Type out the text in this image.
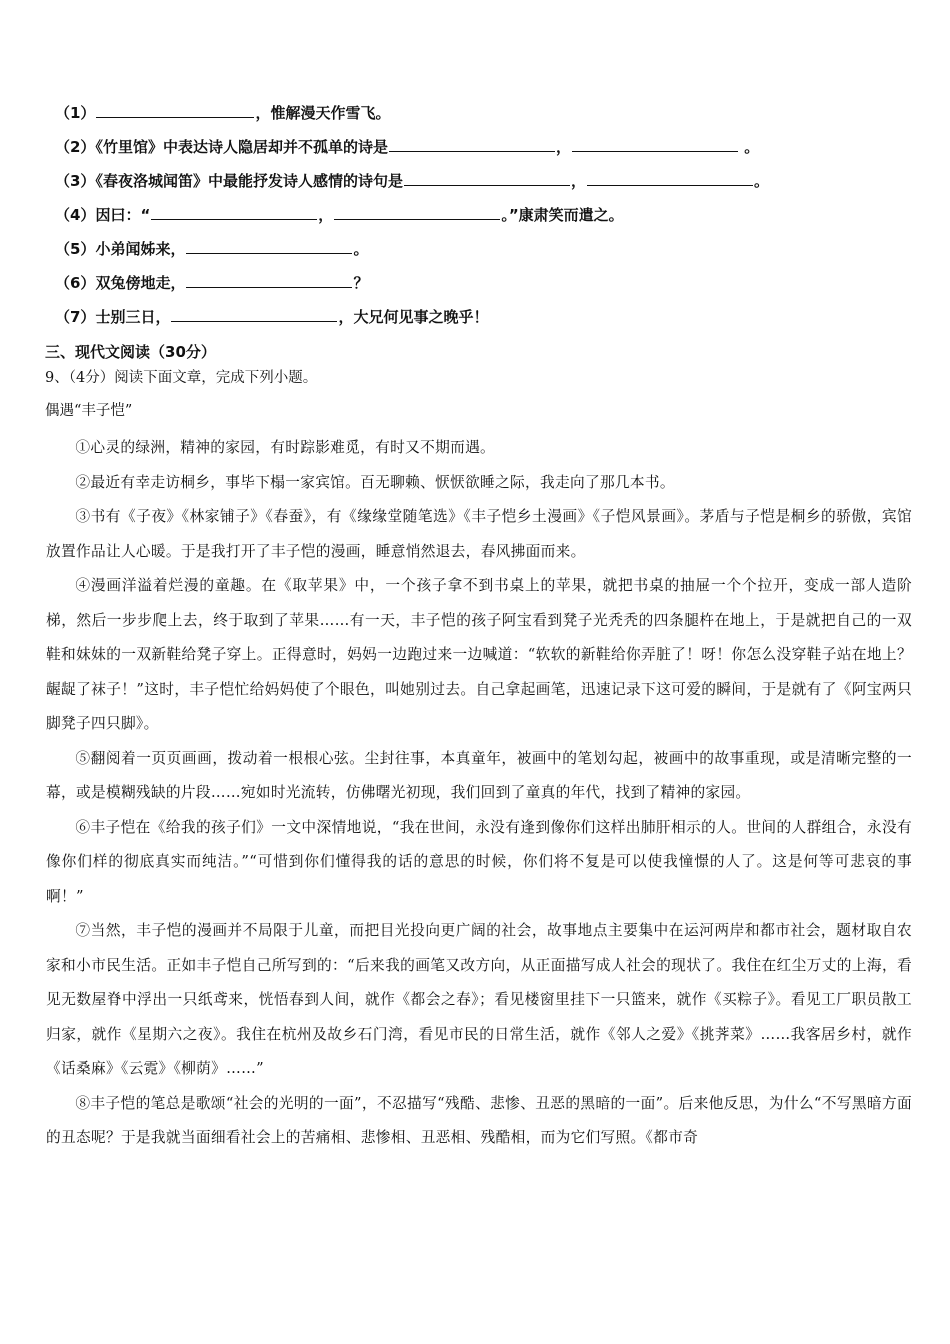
（1）	，惟解漫天作雪飞。
（2）《竹里馆》中表达诗人隐居却并不孤单的诗是	，	。
（3）《春夜洛城闻笛》中最能抒发诗人感情的诗句是	，	。
（4）因曰：“	，	。”康肃笑而遣之。
（5）小弟闻姊来，	。
（6）双兔傍地走，	？
（7）士别三日，	，大兄何见事之晚乎！
三、现代文阅读（30分）
9、（4分）阅读下面文章，完成下列小题。
偶遇“丰子恺”

①心灵的绿洲，精神的家园，有时踪影难觅，有时又不期而遇。

②最近有幸走访桐乡，事毕下榻一家宾馆。百无聊赖、恹恹欲睡之际，我走向了那几本书。

③书有《子夜》《林家铺子》《春蚕》，有《缘缘堂随笔选》《丰子恺乡土漫画》《子恺风景画》。茅盾与子恺是桐乡的骄傲，宾馆放置作品让人心暖。于是我打开了丰子恺的漫画，睡意悄然退去，春风拂面而来。

④漫画洋溢着烂漫的童趣。在《取苹果》中，一个孩子拿不到书桌上的苹果，就把书桌的抽屉一个个拉开，变成一部人造阶梯，然后一步步爬上去，终于取到了苹果……有一天，丰子恺的孩子阿宝看到凳子光秃秃的四条腿杵在地上，于是就把自己的一双鞋和妹妹的一双新鞋给凳子穿上。正得意时，妈妈一边跑过来一边喊道：“软软的新鞋给你弄脏了！呀！你怎么没穿鞋子站在地上？龌龊了袜子！”这时，丰子恺忙给妈妈使了个眼色，叫她别过去。自己拿起画笔，迅速记录下这可爱的瞬间，于是就有了《阿宝两只脚凳子四只脚》。

⑤翻阅着一页页画画，拨动着一根根心弦。尘封往事，本真童年，被画中的笔划勾起，被画中的故事重现，或是清晰完整的一幕，或是模糊残缺的片段……宛如时光流转，仿佛曙光初现，我们回到了童真的年代，找到了精神的家园。

⑥丰子恺在《给我的孩子们》一文中深情地说，“我在世间，永没有逢到像你们这样出肺肝相示的人。世间的人群组合，永没有像你们样的彻底真实而纯洁。”“可惜到你们懂得我的话的意思的时候，你们将不复是可以使我憧憬的人了。这是何等可悲哀的事啊！”

⑦当然，丰子恺的漫画并不局限于儿童，而把目光投向更广阔的社会，故事地点主要集中在运河两岸和都市社会，题材取自农家和小市民生活。正如丰子恺自己所写到的：“后来我的画笔又改方向，从正面描写成人社会的现状了。我住在红尘万丈的上海，看见无数屋脊中浮出一只纸鸢来，恍悟春到人间，就作《都会之春》；看见楼窗里挂下一只篮来，就作《买粽子》。看见工厂职员散工归家，就作《星期六之夜》。我住在杭州及故乡石门湾，看见市民的日常生活，就作《邻人之爱》《挑荠菜》……我客居乡村，就作《话桑麻》《云霓》《柳荫》……”

⑧丰子恺的笔总是歌颂“社会的光明的一面”，不忍描写“残酷、悲惨、丑恶的黑暗的一面”。后来他反思，为什么“不写黑暗方面的丑态呢？于是我就当面细看社会上的苦痛相、悲惨相、丑恶相、残酷相，而为它们写照。《都市奇
